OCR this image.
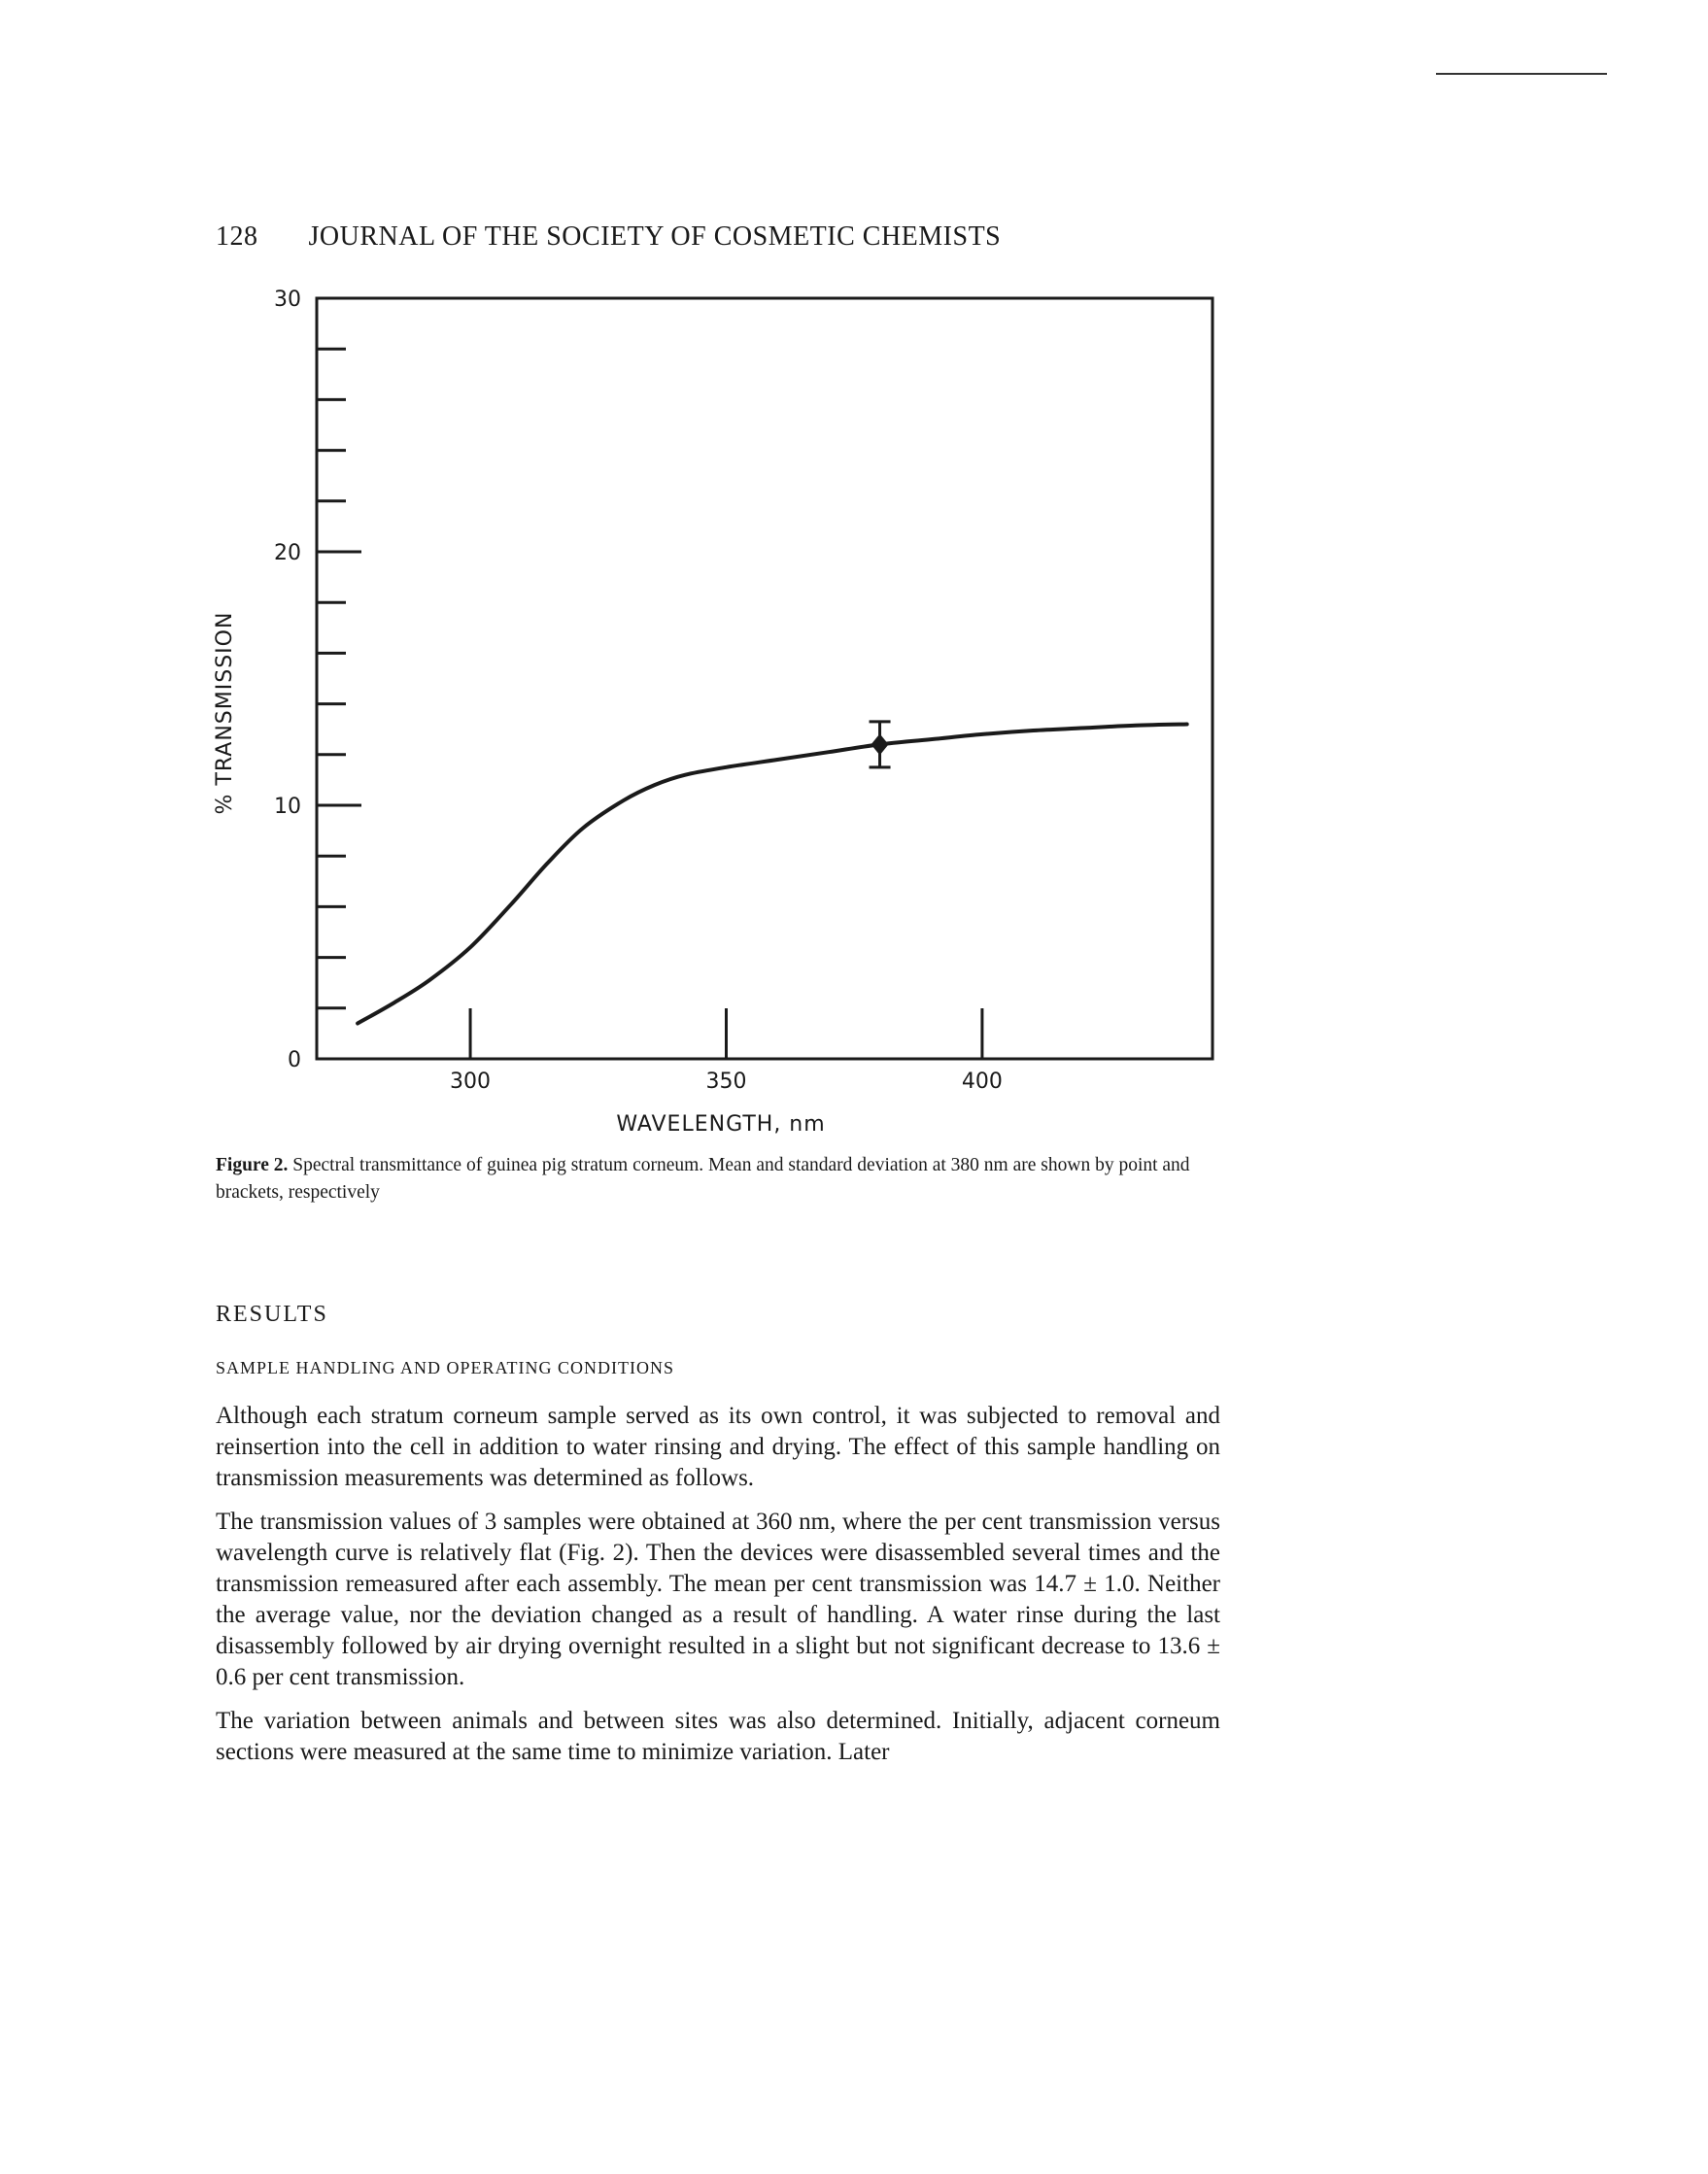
128 JOURNAL OF THE SOCIETY OF COSMETIC CHEMISTS
0
10
20
30
300	350	400
% TRANSMISSION
WAVELENGTH, nm
Figure 2. Spectral transmittance of guinea pig stratum corneum. Mean and standard deviation at 380 nm are shown by point and brackets, respectively
RESULTS
SAMPLE HANDLING AND OPERATING CONDITIONS

Although each stratum corneum sample served as its own control, it was subjected to removal and reinsertion into the cell in addition to water rinsing and drying. The effect of this sample handling on transmission measurements was determined as follows.

The transmission values of 3 samples were obtained at 360 nm, where the per cent transmission versus wavelength curve is relatively flat (Fig. 2). Then the devices were disassembled several times and the transmission remeasured after each assembly. The mean per cent transmission was 14.7 ± 1.0. Neither the average value, nor the deviation changed as a result of handling. A water rinse during the last disassembly followed by air drying overnight resulted in a slight but not significant decrease to 13.6 ± 0.6 per cent transmission.

The variation between animals and between sites was also determined. Initially, adjacent corneum sections were measured at the same time to minimize variation. Later
